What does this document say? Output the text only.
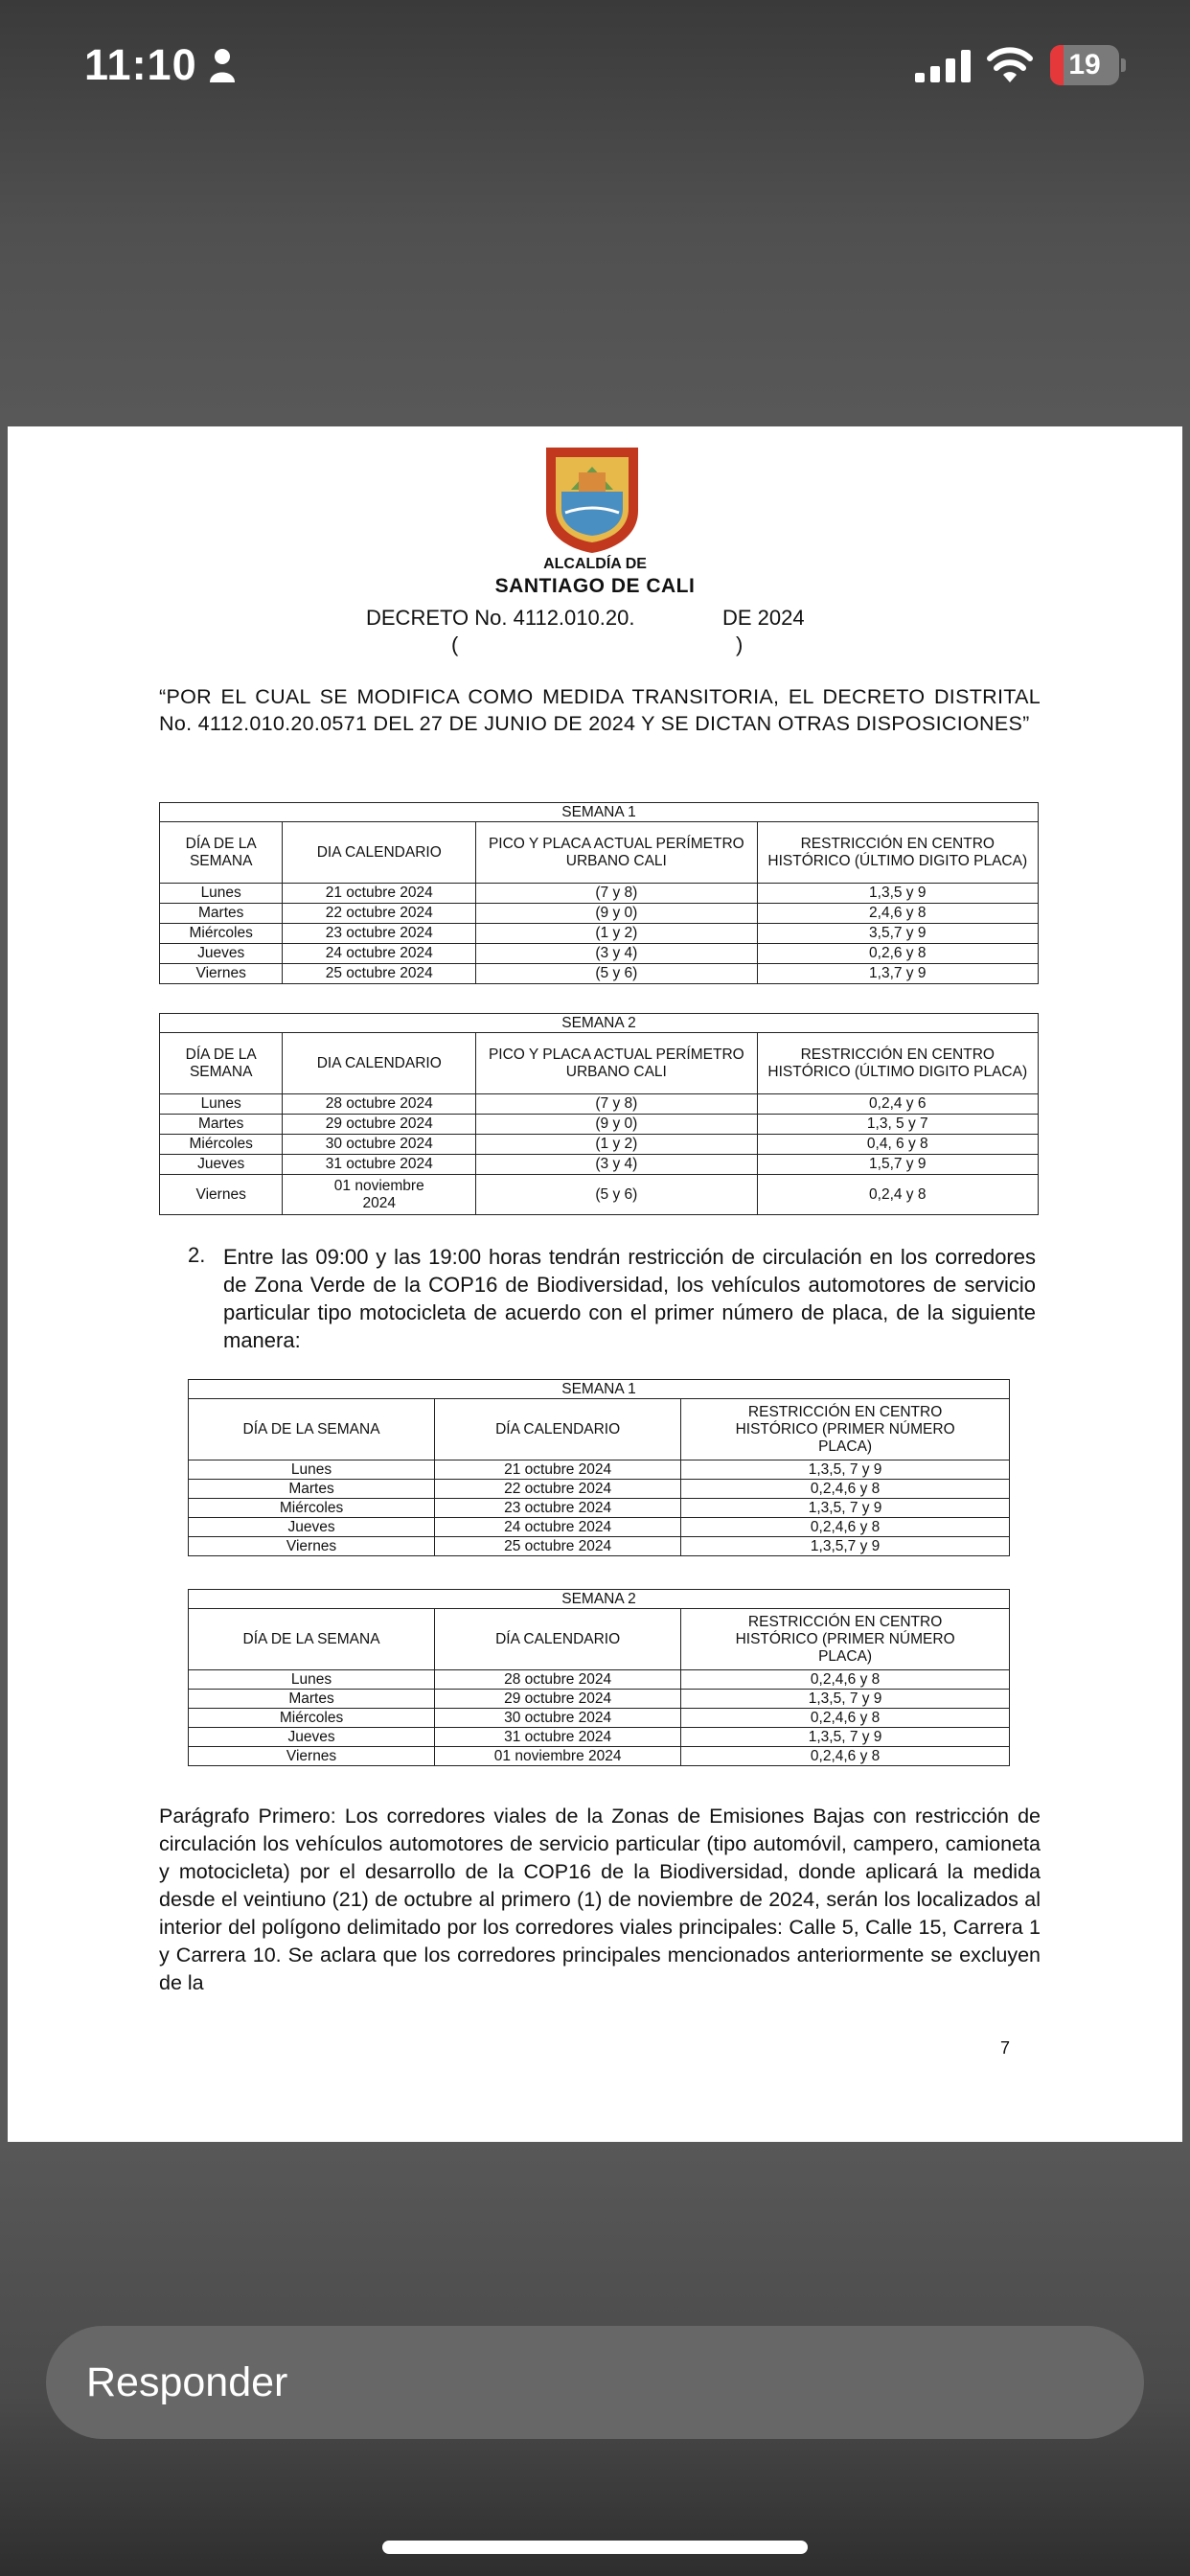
11:10	19
ALCALDÍA DE
SANTIAGO DE CALI
DECRETO No. 4112.010.20.	DE 2024
(	)
“POR EL CUAL SE MODIFICA COMO MEDIDA TRANSITORIA, EL DECRETO DISTRITAL No. 4112.010.20.0571 DEL 27 DE JUNIO DE 2024 Y SE DICTAN OTRAS DISPOSICIONES”
SEMANA 1			
DÍA DE LA SEMANA	DIA CALENDARIO	PICO Y PLACA ACTUAL PERÍMETRO URBANO CALI	RESTRICCIÓN EN CENTRO HISTÓRICO (ÚLTIMO DIGITO PLACA)
Lunes	21 octubre 2024	(7 y 8)	1,3,5 y 9
Martes	22 octubre 2024	(9 y 0)	2,4,6 y 8
Miércoles	23 octubre 2024	(1 y 2)	3,5,7 y 9
Jueves	24 octubre 2024	(3 y 4)	0,2,6 y 8
Viernes	25 octubre 2024	(5 y 6)	1,3,7 y 9
SEMANA 2			
DÍA DE LA SEMANA	DIA CALENDARIO	PICO Y PLACA ACTUAL PERÍMETRO URBANO CALI	RESTRICCIÓN EN CENTRO HISTÓRICO (ÚLTIMO DIGITO PLACA)
Lunes	28 octubre 2024	(7 y 8)	0,2,4 y 6
Martes	29 octubre 2024	(9 y 0)	1,3, 5 y 7
Miércoles	30 octubre 2024	(1 y 2)	0,4, 6 y 8
Jueves	31 octubre 2024	(3 y 4)	1,5,7 y 9
Viernes	01 noviembre 2024	(5 y 6)	0,2,4 y 8
2. Entre las 09:00 y las 19:00 horas tendrán restricción de circulación en los corredores de Zona Verde de la COP16 de Biodiversidad, los vehículos automotores de servicio particular tipo motocicleta de acuerdo con el primer número de placa, de la siguiente manera:
SEMANA 1		
DÍA DE LA SEMANA	DÍA CALENDARIO	RESTRICCIÓN EN CENTRO HISTÓRICO (PRIMER NÚMERO PLACA)
Lunes	21 octubre 2024	1,3,5, 7 y 9
Martes	22 octubre 2024	0,2,4,6 y 8
Miércoles	23 octubre 2024	1,3,5, 7 y 9
Jueves	24 octubre 2024	0,2,4,6 y 8
Viernes	25 octubre 2024	1,3,5,7 y 9
SEMANA 2		
DÍA DE LA SEMANA	DÍA CALENDARIO	RESTRICCIÓN EN CENTRO HISTÓRICO (PRIMER NÚMERO PLACA)
Lunes	28 octubre 2024	0,2,4,6 y 8
Martes	29 octubre 2024	1,3,5, 7 y 9
Miércoles	30 octubre 2024	0,2,4,6 y 8
Jueves	31 octubre 2024	1,3,5, 7 y 9
Viernes	01 noviembre 2024	0,2,4,6 y 8
Parágrafo Primero: Los corredores viales de la Zonas de Emisiones Bajas con restricción de circulación los vehículos automotores de servicio particular (tipo automóvil, campero, camioneta y motocicleta) por el desarrollo de la COP16 de la Biodiversidad, donde aplicará la medida desde el veintiuno (21) de octubre al primero (1) de noviembre de 2024, serán los localizados al interior del polígono delimitado por los corredores viales principales: Calle 5, Calle 15, Carrera 1 y Carrera 10. Se aclara que los corredores principales mencionados anteriormente se excluyen de la
7
Responder
